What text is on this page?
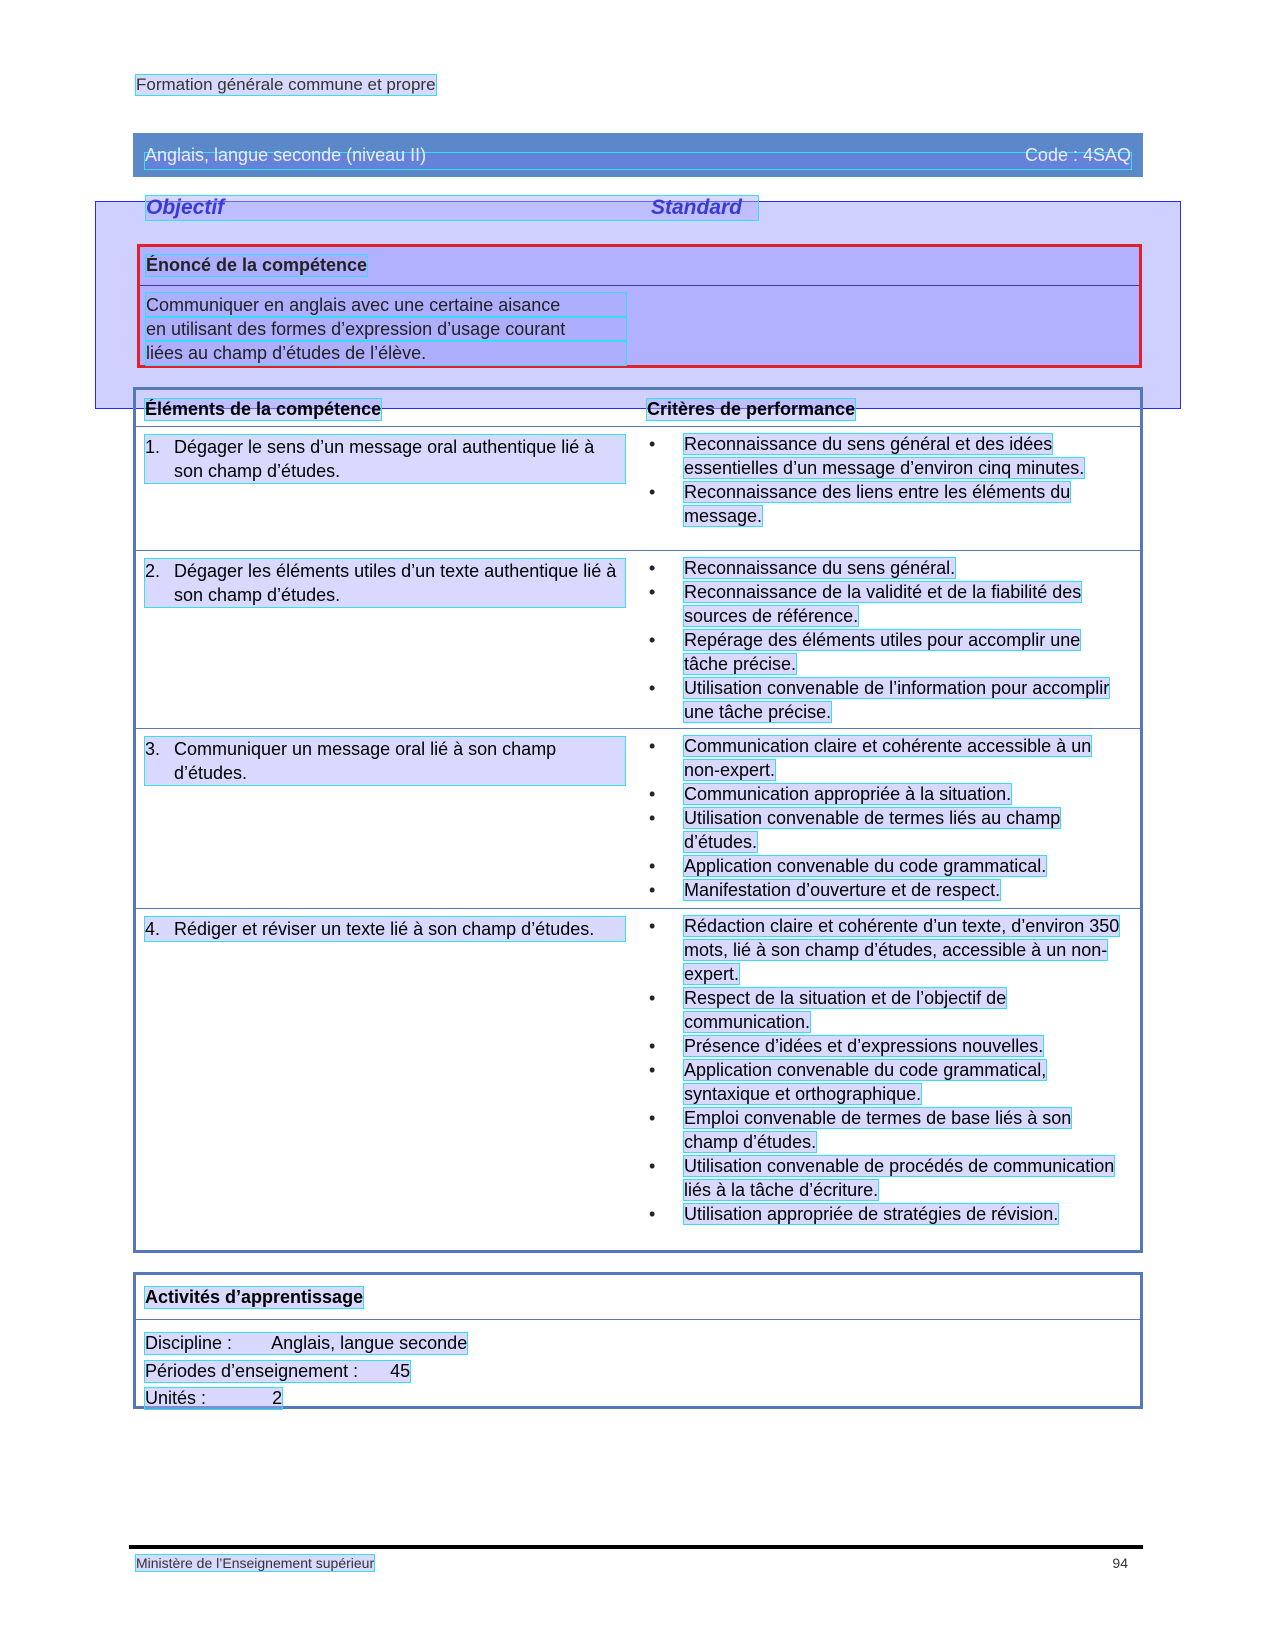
Formation générale commune et propre
Anglais, langue seconde (niveau II)	Code : 4SAQ
Objectif	Standard
Énoncé de la compétence
Communiquer en anglais avec une certaine aisance
en utilisant des formes d’expression d’usage courant
liées au champ d’études de l’élève.
Éléments de la compétence	Critères de performance
1. Dégager le sens d’un message oral authentique lié à son champ d’études.
• Reconnaissance du sens général et des idées essentielles d’un message d’environ cinq minutes.
• Reconnaissance des liens entre les éléments du message.
2. Dégager les éléments utiles d’un texte authentique lié à son champ d’études.
• Reconnaissance du sens général.
• Reconnaissance de la validité et de la fiabilité des sources de référence.
• Repérage des éléments utiles pour accomplir une tâche précise.
• Utilisation convenable de l’information pour accomplir une tâche précise.
3. Communiquer un message oral lié à son champ d’études.
• Communication claire et cohérente accessible à un non-expert.
• Communication appropriée à la situation.
• Utilisation convenable de termes liés au champ d’études.
• Application convenable du code grammatical.
• Manifestation d’ouverture et de respect.
4. Rédiger et réviser un texte lié à son champ d’études.	• Rédaction claire et cohérente d’un texte, d’environ 350 mots, lié à son champ d’études, accessible à un non-expert.
• Respect de la situation et de l’objectif de communication.
• Présence d’idées et d’expressions nouvelles.
• Application convenable du code grammatical, syntaxique et orthographique.
• Emploi convenable de termes de base liés à son champ d’études.
• Utilisation convenable de procédés de communication liés à la tâche d’écriture.
• Utilisation appropriée de stratégies de révision.
Activités d’apprentissage
Discipline : Anglais, langue seconde
Périodes d’enseignement : 45
Unités :	2
Ministère de l’Enseignement supérieur	94
